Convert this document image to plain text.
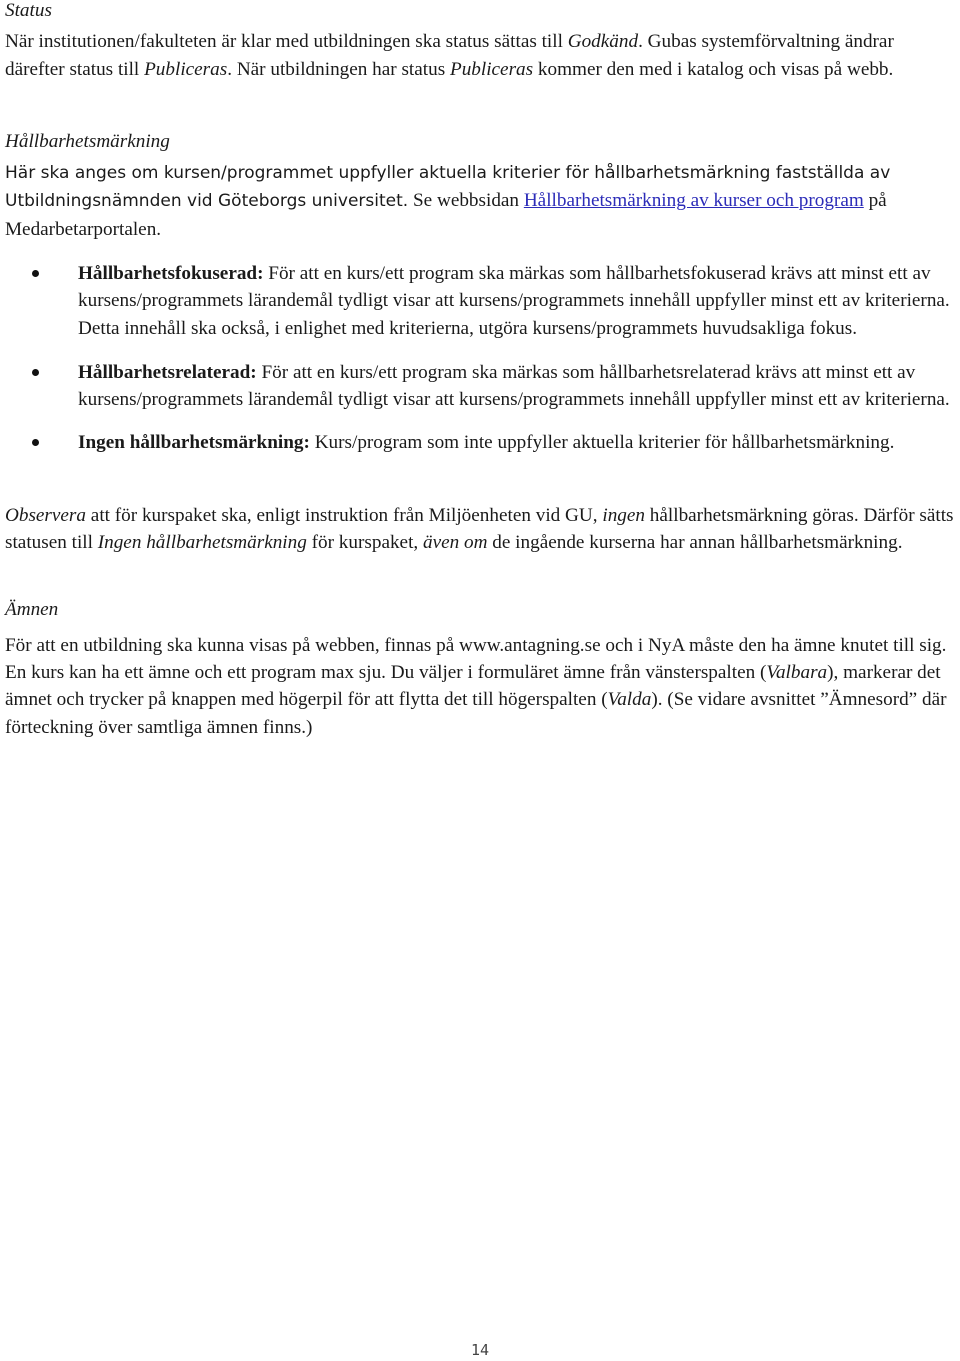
Status

När institutionen/fakulteten är klar med utbildningen ska status sättas till Godkänd. Gubas systemförvaltning ändrar därefter status till Publiceras. När utbildningen har status Publiceras kommer den med i katalog och visas på webb.

Hållbarhetsmärkning

Här ska anges om kursen/programmet uppfyller aktuella kriterier för hållbarhetsmärkning fastställda av Utbildningsnämnden vid Göteborgs universitet. Se webbsidan Hållbarhetsmärkning av kurser och program på Medarbetarportalen.

Hållbarhetsfokuserad: För att en kurs/ett program ska märkas som hållbarhetsfokuserad krävs att minst ett av kursens/programmets lärandemål tydligt visar att kursens/programmets innehåll uppfyller minst ett av kriterierna. Detta innehåll ska också, i enlighet med kriterierna, utgöra kursens/programmets huvudsakliga fokus.
Hållbarhetsrelaterad: För att en kurs/ett program ska märkas som hållbarhetsrelaterad krävs att minst ett av kursens/programmets lärandemål tydligt visar att kursens/programmets innehåll uppfyller minst ett av kriterierna.
Ingen hållbarhetsmärkning: Kurs/program som inte uppfyller aktuella kriterier för hållbarhetsmärkning.

Observera att för kurspaket ska, enligt instruktion från Miljöenheten vid GU, ingen hållbarhetsmärkning göras. Därför sätts statusen till Ingen hållbarhetsmärkning för kurspaket, även om de ingående kurserna har annan hållbarhetsmärkning.

Ämnen

För att en utbildning ska kunna visas på webben, finnas på www.antagning.se och i NyA måste den ha ämne knutet till sig. En kurs kan ha ett ämne och ett program max sju. Du väljer i formuläret ämne från vänsterspalten (Valbara), markerar det ämnet och trycker på knappen med högerpil för att flytta det till högerspalten (Valda). (Se vidare avsnittet ”Ämnesord” där förteckning över samtliga ämnen finns.)

14
